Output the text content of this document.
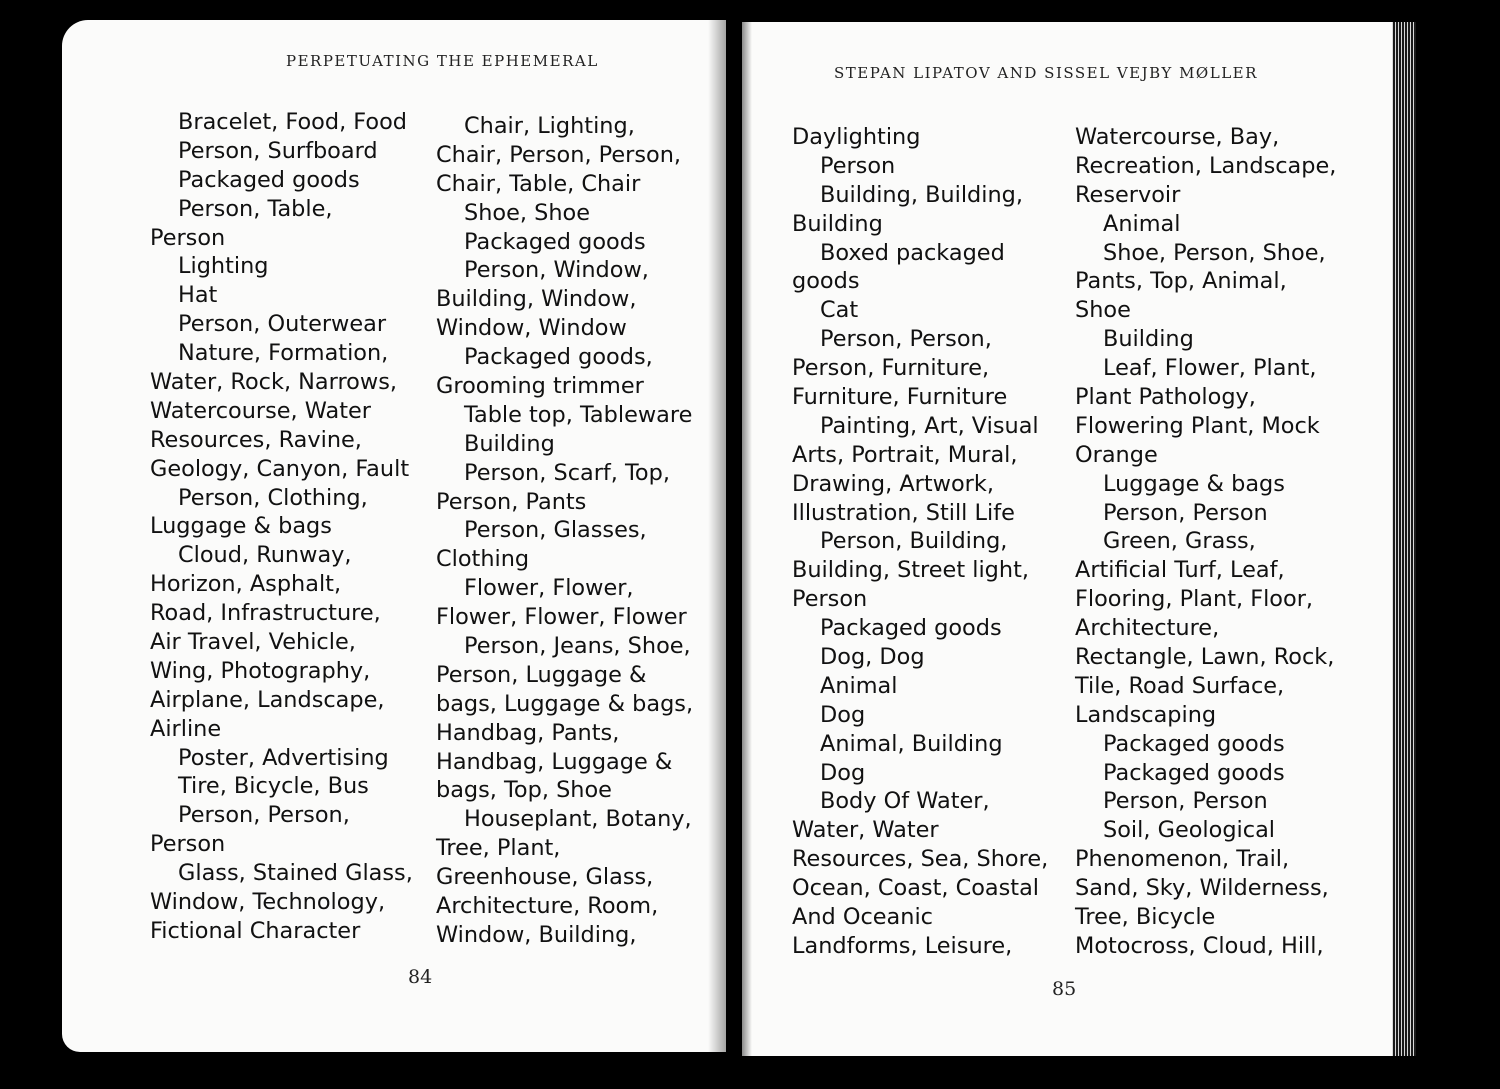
PERPETUATING THE EPHEMERAL
Bracelet, Food, Food
Person, Surfboard
Packaged goods
Person, Table,
Person
Lighting
Hat
Person, Outerwear
Nature, Formation,
Water, Rock, Narrows,
Watercourse, Water
Resources, Ravine,
Geology, Canyon, Fault
Person, Clothing,
Luggage & bags
Cloud, Runway,
Horizon, Asphalt,
Road, Infrastructure,
Air Travel, Vehicle,
Wing, Photography,
Airplane, Landscape,
Airline
Poster, Advertising
Tire, Bicycle, Bus
Person, Person,
Person
Glass, Stained Glass,
Window, Technology,
Fictional Character
Chair, Lighting,
Chair, Person, Person,
Chair, Table, Chair
Shoe, Shoe
Packaged goods
Person, Window,
Building, Window,
Window, Window
Packaged goods,
Grooming trimmer
Table top, Tableware
Building
Person, Scarf, Top,
Person, Pants
Person, Glasses,
Clothing
Flower, Flower,
Flower, Flower, Flower
Person, Jeans, Shoe,
Person, Luggage &
bags, Luggage & bags,
Handbag, Pants,
Handbag, Luggage &
bags, Top, Shoe
Houseplant, Botany,
Tree, Plant,
Greenhouse, Glass,
Architecture, Room,
Window, Building,
84
STEPAN LIPATOV AND SISSEL VEJBY MØLLER
Daylighting
Person
Building, Building,
Building
Boxed packaged
goods
Cat
Person, Person,
Person, Furniture,
Furniture, Furniture
Painting, Art, Visual
Arts, Portrait, Mural,
Drawing, Artwork,
Illustration, Still Life
Person, Building,
Building, Street light,
Person
Packaged goods
Dog, Dog
Animal
Dog
Animal, Building
Dog
Body Of Water,
Water, Water
Resources, Sea, Shore,
Ocean, Coast, Coastal
And Oceanic
Landforms, Leisure,
Watercourse, Bay,
Recreation, Landscape,
Reservoir
Animal
Shoe, Person, Shoe,
Pants, Top, Animal,
Shoe
Building
Leaf, Flower, Plant,
Plant Pathology,
Flowering Plant, Mock
Orange
Luggage & bags
Person, Person
Green, Grass,
Artificial Turf, Leaf,
Flooring, Plant, Floor,
Architecture,
Rectangle, Lawn, Rock,
Tile, Road Surface,
Landscaping
Packaged goods
Packaged goods
Person, Person
Soil, Geological
Phenomenon, Trail,
Sand, Sky, Wilderness,
Tree, Bicycle
Motocross, Cloud, Hill,
85
